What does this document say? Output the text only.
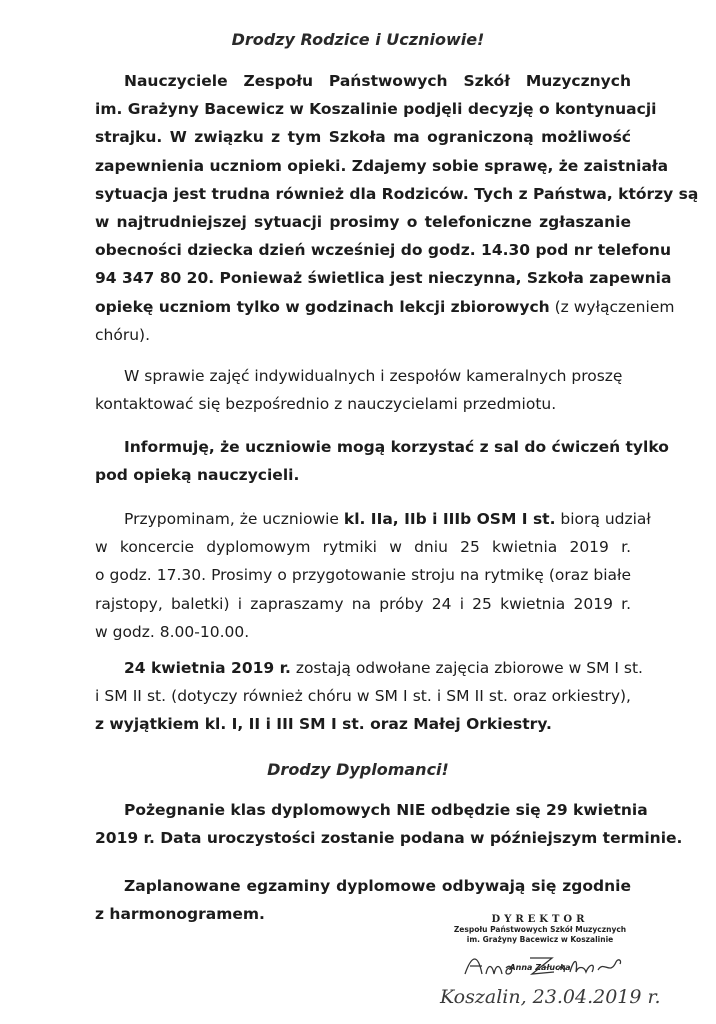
Drodzy Rodzice i Uczniowie!
Nauczyciele Zespołu Państwowych Szkół Muzycznych
im. Grażyny Bacewicz w Koszalinie podjęli decyzję o kontynuacji
strajku. W związku z tym Szkoła ma ograniczoną możliwość
zapewnienia uczniom opieki. Zdajemy sobie sprawę, że zaistniała
sytuacja jest trudna również dla Rodziców. Tych z Państwa, którzy są
w najtrudniejszej sytuacji prosimy o telefoniczne zgłaszanie
obecności dziecka dzień wcześniej do godz. 14.30 pod nr telefonu
94 347 80 20. Ponieważ świetlica jest nieczynna, Szkoła zapewnia
opiekę uczniom tylko w godzinach lekcji zbiorowych (z wyłączeniem
chóru).
W sprawie zajęć indywidualnych i zespołów kameralnych proszę
kontaktować się bezpośrednio z nauczycielami przedmiotu.
Informuję, że uczniowie mogą korzystać z sal do ćwiczeń tylko
pod opieką nauczycieli.
Przypominam, że uczniowie kl. IIa, IIb i IIIb OSM I st. biorą udział
w koncercie dyplomowym rytmiki w dniu 25 kwietnia 2019 r.
o godz. 17.30. Prosimy o przygotowanie stroju na rytmikę (oraz białe
rajstopy, baletki) i zapraszamy na próby 24 i 25 kwietnia 2019 r.
w godz. 8.00-10.00.
24 kwietnia 2019 r. zostają odwołane zajęcia zbiorowe w SM I st.
i SM II st. (dotyczy również chóru w SM I st. i SM II st. oraz orkiestry),
z wyjątkiem kl. I, II i III SM I st. oraz Małej Orkiestry.
Drodzy Dyplomanci!
Pożegnanie klas dyplomowych NIE odbędzie się 29 kwietnia
2019 r. Data uroczystości zostanie podana w późniejszym terminie.
Zaplanowane egzaminy dyplomowe odbywają się zgodnie
z harmonogramem.	DYREKTOR
Zespołu Państwowych Szkół Muzycznych
im. Grażyny Bacewicz w Koszalinie
Anna Załucka
Koszalin, 23.04.2019 r.
